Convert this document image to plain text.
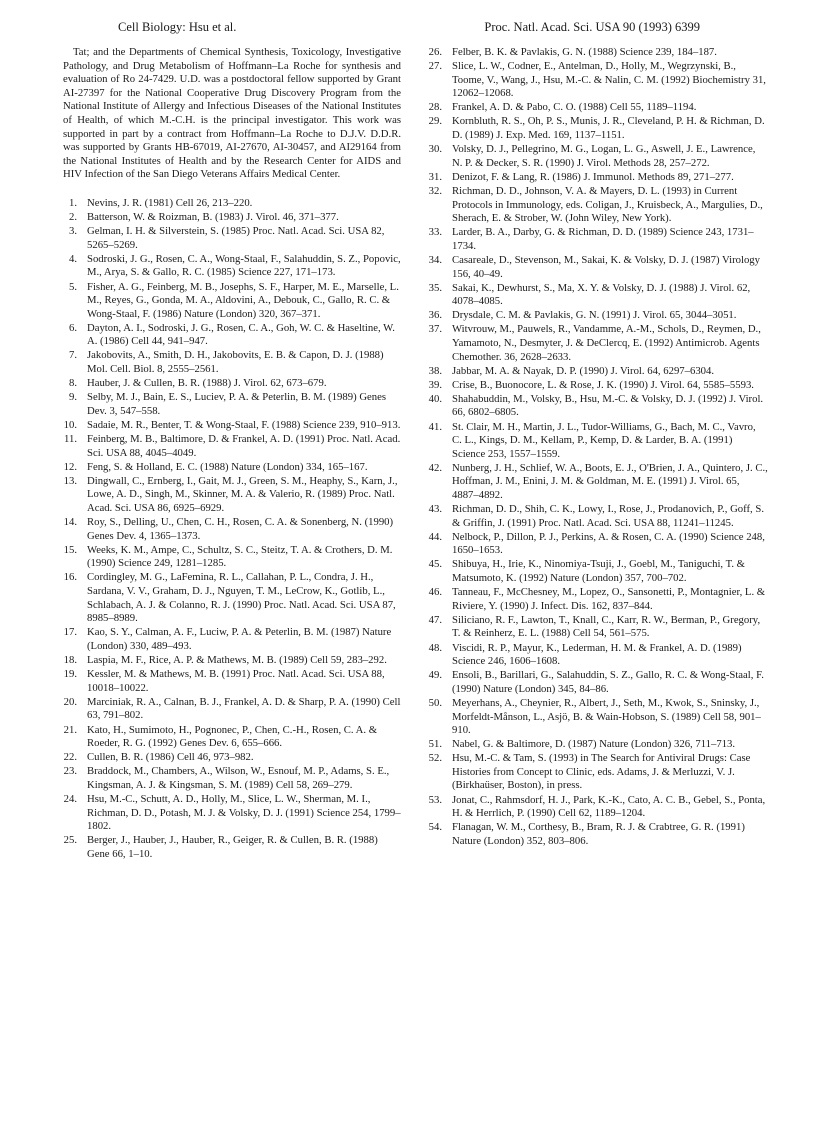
Cell Biology: Hsu et al.	Proc. Natl. Acad. Sci. USA 90 (1993) 6399

Tat; and the Departments of Chemical Synthesis, Toxicology, Investigative Pathology, and Drug Metabolism of Hoffmann–La Roche for synthesis and evaluation of Ro 24-7429. U.D. was a postdoctoral fellow supported by Grant AI-27397 for the National Cooperative Drug Discovery Program from the National Institute of Allergy and Infectious Diseases of the National Institutes of Health, of which M.-C.H. is the principal investigator. This work was supported in part by a contract from Hoffmann–La Roche to D.J.V. D.D.R. was supported by Grants HB-67019, AI-27670, AI-30457, and AI29164 from the National Institutes of Health and by the Research Center for AIDS and HIV Infection of the San Diego Veterans Affairs Medical Center.

1. Nevins, J. R. (1981) Cell 26, 213–220.
2. Batterson, W. & Roizman, B. (1983) J. Virol. 46, 371–377.
3. Gelman, I. H. & Silverstein, S. (1985) Proc. Natl. Acad. Sci. USA 82, 5265–5269.
4. Sodroski, J. G., Rosen, C. A., Wong-Staal, F., Salahuddin, S. Z., Popovic, M., Arya, S. & Gallo, R. C. (1985) Science 227, 171–173.
5. Fisher, A. G., Feinberg, M. B., Josephs, S. F., Harper, M. E., Marselle, L. M., Reyes, G., Gonda, M. A., Aldovini, A., Debouk, C., Gallo, R. C. & Wong-Staal, F. (1986) Nature (London) 320, 367–371.
6. Dayton, A. I., Sodroski, J. G., Rosen, C. A., Goh, W. C. & Haseltine, W. A. (1986) Cell 44, 941–947.
7. Jakobovits, A., Smith, D. H., Jakobovits, E. B. & Capon, D. J. (1988) Mol. Cell. Biol. 8, 2555–2561.
8. Hauber, J. & Cullen, B. R. (1988) J. Virol. 62, 673–679.
9. Selby, M. J., Bain, E. S., Luciev, P. A. & Peterlin, B. M. (1989) Genes Dev. 3, 547–558.
10. Sadaie, M. R., Benter, T. & Wong-Staal, F. (1988) Science 239, 910–913.
11. Feinberg, M. B., Baltimore, D. & Frankel, A. D. (1991) Proc. Natl. Acad. Sci. USA 88, 4045–4049.
12. Feng, S. & Holland, E. C. (1988) Nature (London) 334, 165–167.
13. Dingwall, C., Ernberg, I., Gait, M. J., Green, S. M., Heaphy, S., Karn, J., Lowe, A. D., Singh, M., Skinner, M. A. & Valerio, R. (1989) Proc. Natl. Acad. Sci. USA 86, 6925–6929.
14. Roy, S., Delling, U., Chen, C. H., Rosen, C. A. & Sonenberg, N. (1990) Genes Dev. 4, 1365–1373.
15. Weeks, K. M., Ampe, C., Schultz, S. C., Steitz, T. A. & Crothers, D. M. (1990) Science 249, 1281–1285.
16. Cordingley, M. G., LaFemina, R. L., Callahan, P. L., Condra, J. H., Sardana, V. V., Graham, D. J., Nguyen, T. M., LeCrow, K., Gotlib, L., Schlabach, A. J. & Colanno, R. J. (1990) Proc. Natl. Acad. Sci. USA 87, 8985–8989.
17. Kao, S. Y., Calman, A. F., Luciw, P. A. & Peterlin, B. M. (1987) Nature (London) 330, 489–493.
18. Laspia, M. F., Rice, A. P. & Mathews, M. B. (1989) Cell 59, 283–292.
19. Kessler, M. & Mathews, M. B. (1991) Proc. Natl. Acad. Sci. USA 88, 10018–10022.
20. Marciniak, R. A., Calnan, B. J., Frankel, A. D. & Sharp, P. A. (1990) Cell 63, 791–802.
21. Kato, H., Sumimoto, H., Pognonec, P., Chen, C.-H., Rosen, C. A. & Roeder, R. G. (1992) Genes Dev. 6, 655–666.
22. Cullen, B. R. (1986) Cell 46, 973–982.
23. Braddock, M., Chambers, A., Wilson, W., Esnouf, M. P., Adams, S. E., Kingsman, A. J. & Kingsman, S. M. (1989) Cell 58, 269–279.
24. Hsu, M.-C., Schutt, A. D., Holly, M., Slice, L. W., Sherman, M. I., Richman, D. D., Potash, M. J. & Volsky, D. J. (1991) Science 254, 1799–1802.
25. Berger, J., Hauber, J., Hauber, R., Geiger, R. & Cullen, B. R. (1988) Gene 66, 1–10.
26. Felber, B. K. & Pavlakis, G. N. (1988) Science 239, 184–187.
27. Slice, L. W., Codner, E., Antelman, D., Holly, M., Wegrzynski, B., Toome, V., Wang, J., Hsu, M.-C. & Nalin, C. M. (1992) Biochemistry 31, 12062–12068.
28. Frankel, A. D. & Pabo, C. O. (1988) Cell 55, 1189–1194.
29. Kornbluth, R. S., Oh, P. S., Munis, J. R., Cleveland, P. H. & Richman, D. D. (1989) J. Exp. Med. 169, 1137–1151.
30. Volsky, D. J., Pellegrino, M. G., Logan, L. G., Aswell, J. E., Lawrence, N. P. & Decker, S. R. (1990) J. Virol. Methods 28, 257–272.
31. Denizot, F. & Lang, R. (1986) J. Immunol. Methods 89, 271–277.
32. Richman, D. D., Johnson, V. A. & Mayers, D. L. (1993) in Current Protocols in Immunology, eds. Coligan, J., Kruisbeck, A., Margulies, D., Sherach, E. & Strober, W. (John Wiley, New York).
33. Larder, B. A., Darby, G. & Richman, D. D. (1989) Science 243, 1731–1734.
34. Casareale, D., Stevenson, M., Sakai, K. & Volsky, D. J. (1987) Virology 156, 40–49.
35. Sakai, K., Dewhurst, S., Ma, X. Y. & Volsky, D. J. (1988) J. Virol. 62, 4078–4085.
36. Drysdale, C. M. & Pavlakis, G. N. (1991) J. Virol. 65, 3044–3051.
37. Witvrouw, M., Pauwels, R., Vandamme, A.-M., Schols, D., Reymen, D., Yamamoto, N., Desmyter, J. & DeClercq, E. (1992) Antimicrob. Agents Chemother. 36, 2628–2633.
38. Jabbar, M. A. & Nayak, D. P. (1990) J. Virol. 64, 6297–6304.
39. Crise, B., Buonocore, L. & Rose, J. K. (1990) J. Virol. 64, 5585–5593.
40. Shahabuddin, M., Volsky, B., Hsu, M.-C. & Volsky, D. J. (1992) J. Virol. 66, 6802–6805.
41. St. Clair, M. H., Martin, J. L., Tudor-Williams, G., Bach, M. C., Vavro, C. L., Kings, D. M., Kellam, P., Kemp, D. & Larder, B. A. (1991) Science 253, 1557–1559.
42. Nunberg, J. H., Schlief, W. A., Boots, E. J., O'Brien, J. A., Quintero, J. C., Hoffman, J. M., Enini, J. M. & Goldman, M. E. (1991) J. Virol. 65, 4887–4892.
43. Richman, D. D., Shih, C. K., Lowy, I., Rose, J., Prodanovich, P., Goff, S. & Griffin, J. (1991) Proc. Natl. Acad. Sci. USA 88, 11241–11245.
44. Nelbock, P., Dillon, P. J., Perkins, A. & Rosen, C. A. (1990) Science 248, 1650–1653.
45. Shibuya, H., Irie, K., Ninomiya-Tsuji, J., Goebl, M., Taniguchi, T. & Matsumoto, K. (1992) Nature (London) 357, 700–702.
46. Tanneau, F., McChesney, M., Lopez, O., Sansonetti, P., Montagnier, L. & Riviere, Y. (1990) J. Infect. Dis. 162, 837–844.
47. Siliciano, R. F., Lawton, T., Knall, C., Karr, R. W., Berman, P., Gregory, T. & Reinherz, E. L. (1988) Cell 54, 561–575.
48. Viscidi, R. P., Mayur, K., Lederman, H. M. & Frankel, A. D. (1989) Science 246, 1606–1608.
49. Ensoli, B., Barillari, G., Salahuddin, S. Z., Gallo, R. C. & Wong-Staal, F. (1990) Nature (London) 345, 84–86.
50. Meyerhans, A., Cheynier, R., Albert, J., Seth, M., Kwok, S., Sninsky, J., Morfeldt-Månson, L., Asjö, B. & Wain-Hobson, S. (1989) Cell 58, 901–910.
51. Nabel, G. & Baltimore, D. (1987) Nature (London) 326, 711–713.
52. Hsu, M.-C. & Tam, S. (1993) in The Search for Antiviral Drugs: Case Histories from Concept to Clinic, eds. Adams, J. & Merluzzi, V. J. (Birkhaüser, Boston), in press.
53. Jonat, C., Rahmsdorf, H. J., Park, K.-K., Cato, A. C. B., Gebel, S., Ponta, H. & Herrlich, P. (1990) Cell 62, 1189–1204.
54. Flanagan, W. M., Corthesy, B., Bram, R. J. & Crabtree, G. R. (1991) Nature (London) 352, 803–806.
